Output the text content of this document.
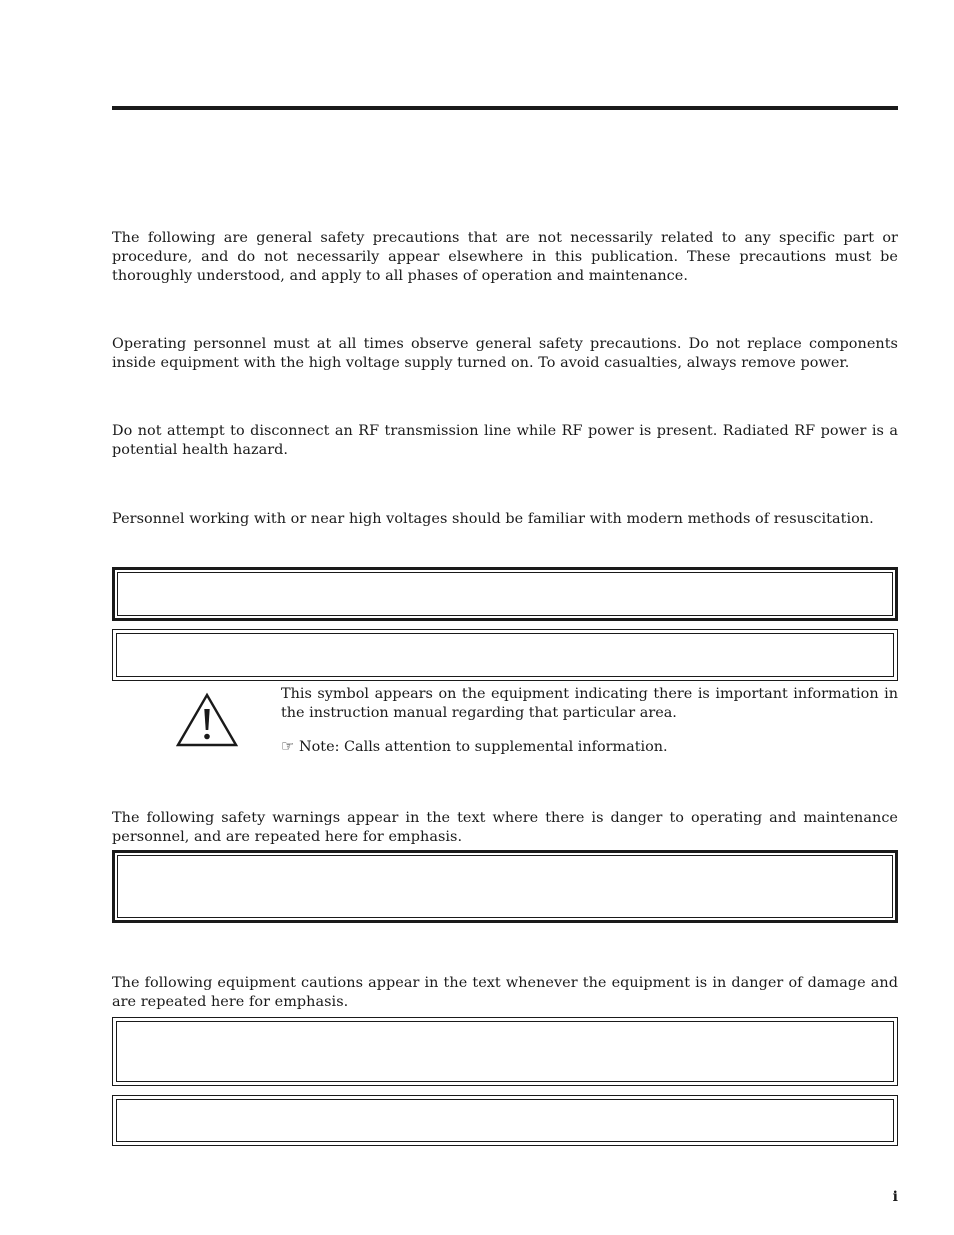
The following are general safety precautions that are not necessarily related to any specific part or procedure, and do not necessarily appear elsewhere in this publication. These precautions must be thoroughly understood, and apply to all phases of operation and maintenance.

Operating personnel must at all times observe general safety precautions. Do not replace components inside equipment with the high voltage supply turned on. To avoid casualties, always remove power.

Do not attempt to disconnect an RF transmission line while RF power is present. Radiated RF power is a potential health hazard.

Personnel working with or near high voltages should be familiar with modern methods of resuscitation.

This symbol appears on the equipment indicating there is important information in the instruction manual regarding that particular area.

☞ Note: Calls attention to supplemental information.

The following safety warnings appear in the text where there is danger to operating and maintenance personnel, and are repeated here for emphasis.

The following equipment cautions appear in the text whenever the equipment is in danger of damage and are repeated here for emphasis.

i
